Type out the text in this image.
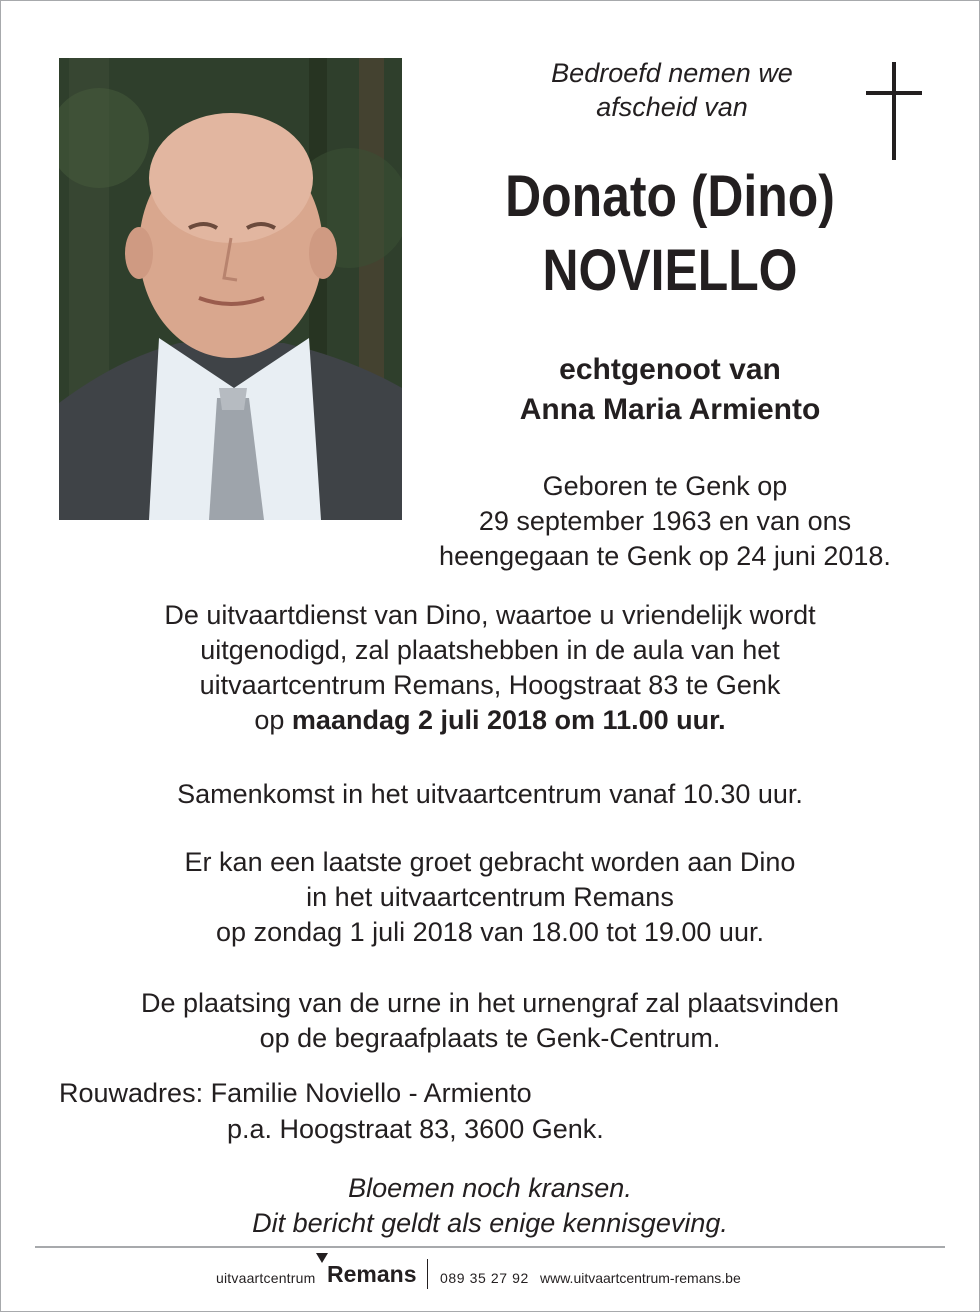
Bedroefd nemen we
afscheid van
Donato (Dino)
NOVIELLO
echtgenoot van
Anna Maria Armiento
Geboren te Genk op
29 september 1963 en van ons
heengegaan te Genk op 24 juni 2018.
De uitvaartdienst van Dino, waartoe u vriendelijk wordt
uitgenodigd, zal plaatshebben in de aula van het
uitvaartcentrum Remans, Hoogstraat 83 te Genk
op maandag 2 juli 2018 om 11.00 uur.
Samenkomst in het uitvaartcentrum vanaf 10.30 uur.
Er kan een laatste groet gebracht worden aan Dino
in het uitvaartcentrum Remans
op zondag 1 juli 2018 van 18.00 tot 19.00 uur.
De plaatsing van de urne in het urnengraf zal plaatsvinden
op de begraafplaats te Genk-Centrum.
Rouwadres: Familie Noviello - Armiento
p.a. Hoogstraat 83, 3600 Genk.
Bloemen noch kransen.
Dit bericht geldt als enige kennisgeving.
uitvaartcentrum Remans 089 35 27 92 www.uitvaartcentrum-remans.be
